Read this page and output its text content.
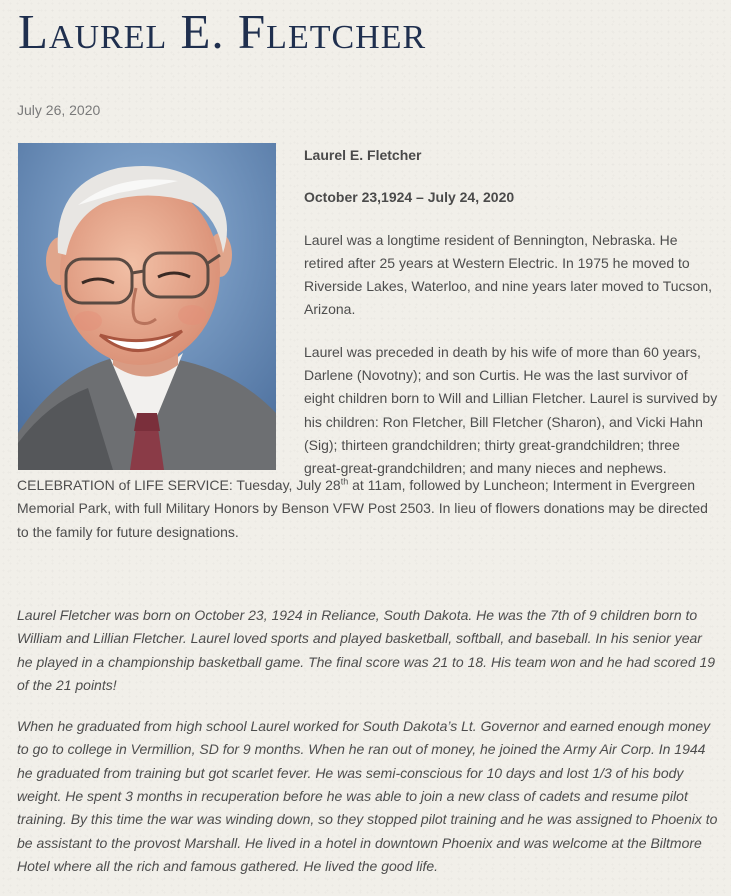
Laurel E. Fletcher
July 26, 2020

Laurel E. Fletcher

October 23,1924 – July 24, 2020

Laurel was a longtime resident of Bennington, Nebraska. He retired after 25 years at Western Electric. In 1975 he moved to Riverside Lakes, Waterloo, and nine years later moved to Tucson, Arizona.

Laurel was preceded in death by his wife of more than 60 years, Darlene (Novotny); and son Curtis. He was the last survivor of eight children born to Will and Lillian Fletcher. Laurel is survived by his children: Ron Fletcher, Bill Fletcher (Sharon), and Vicki Hahn (Sig); thirteen grandchildren; thirty great-grandchildren; three great-great-grandchildren; and many nieces and nephews.

CELEBRATION of LIFE SERVICE: Tuesday, July 28th at 11am, followed by Luncheon; Interment in Evergreen Memorial Park, with full Military Honors by Benson VFW Post 2503. In lieu of flowers donations may be directed to the family for future designations.

Laurel Fletcher was born on October 23, 1924 in Reliance, South Dakota. He was the 7th of 9 children born to William and Lillian Fletcher. Laurel loved sports and played basketball, softball, and baseball. In his senior year he played in a championship basketball game. The final score was 21 to 18. His team won and he had scored 19 of the 21 points!

When he graduated from high school Laurel worked for South Dakota’s Lt. Governor and earned enough money to go to college in Vermillion, SD for 9 months. When he ran out of money, he joined the Army Air Corp. In 1944 he graduated from training but got scarlet fever. He was semi-conscious for 10 days and lost 1/3 of his body weight. He spent 3 months in recuperation before he was able to join a new class of cadets and resume pilot training. By this time the war was winding down, so they stopped pilot training and he was assigned to Phoenix to be assistant to the provost Marshall. He lived in a hotel in downtown Phoenix and was welcome at the Biltmore Hotel where all the rich and famous gathered. He lived the good life.
